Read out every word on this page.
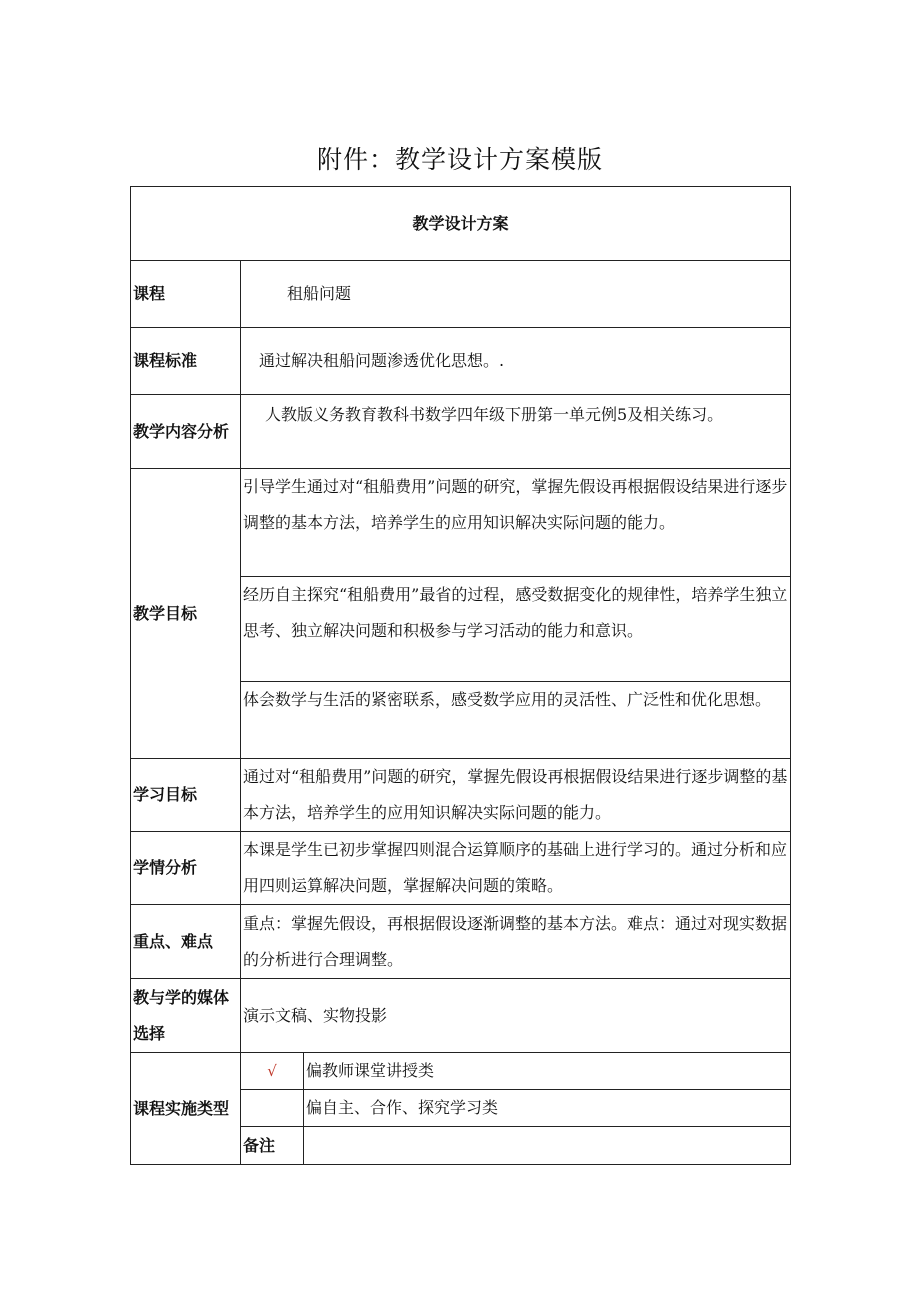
附件：教学设计方案模版
教学设计方案		
课程	租船问题	
课程标准	通过解决租船问题渗透优化思想。.	
教学内容分析	人教版义务教育教科书数学四年级下册第一单元例5及相关练习。	
教学目标	引导学生通过对“租船费用”问题的研究，掌握先假设再根据假设结果进行逐步调整的基本方法，培养学生的应用知识解决实际问题的能力。	
	经历自主探究“租船费用”最省的过程，感受数据变化的规律性，培养学生独立思考、独立解决问题和积极参与学习活动的能力和意识。	
	体会数学与生活的紧密联系，感受数学应用的灵活性、广泛性和优化思想。	
学习目标	通过对“租船费用”问题的研究，掌握先假设再根据假设结果进行逐步调整的基本方法，培养学生的应用知识解决实际问题的能力。	
学情分析	本课是学生已初步掌握四则混合运算顺序的基础上进行学习的。通过分析和应用四则运算解决问题，掌握解决问题的策略。	
重点、难点	重点：掌握先假设，再根据假设逐渐调整的基本方法。难点：通过对现实数据的分析进行合理调整。	
教与学的媒体选择	演示文稿、实物投影	
课程实施类型	√	偏教师课堂讲授类
		偏自主、合作、探究学习类
	备注	
